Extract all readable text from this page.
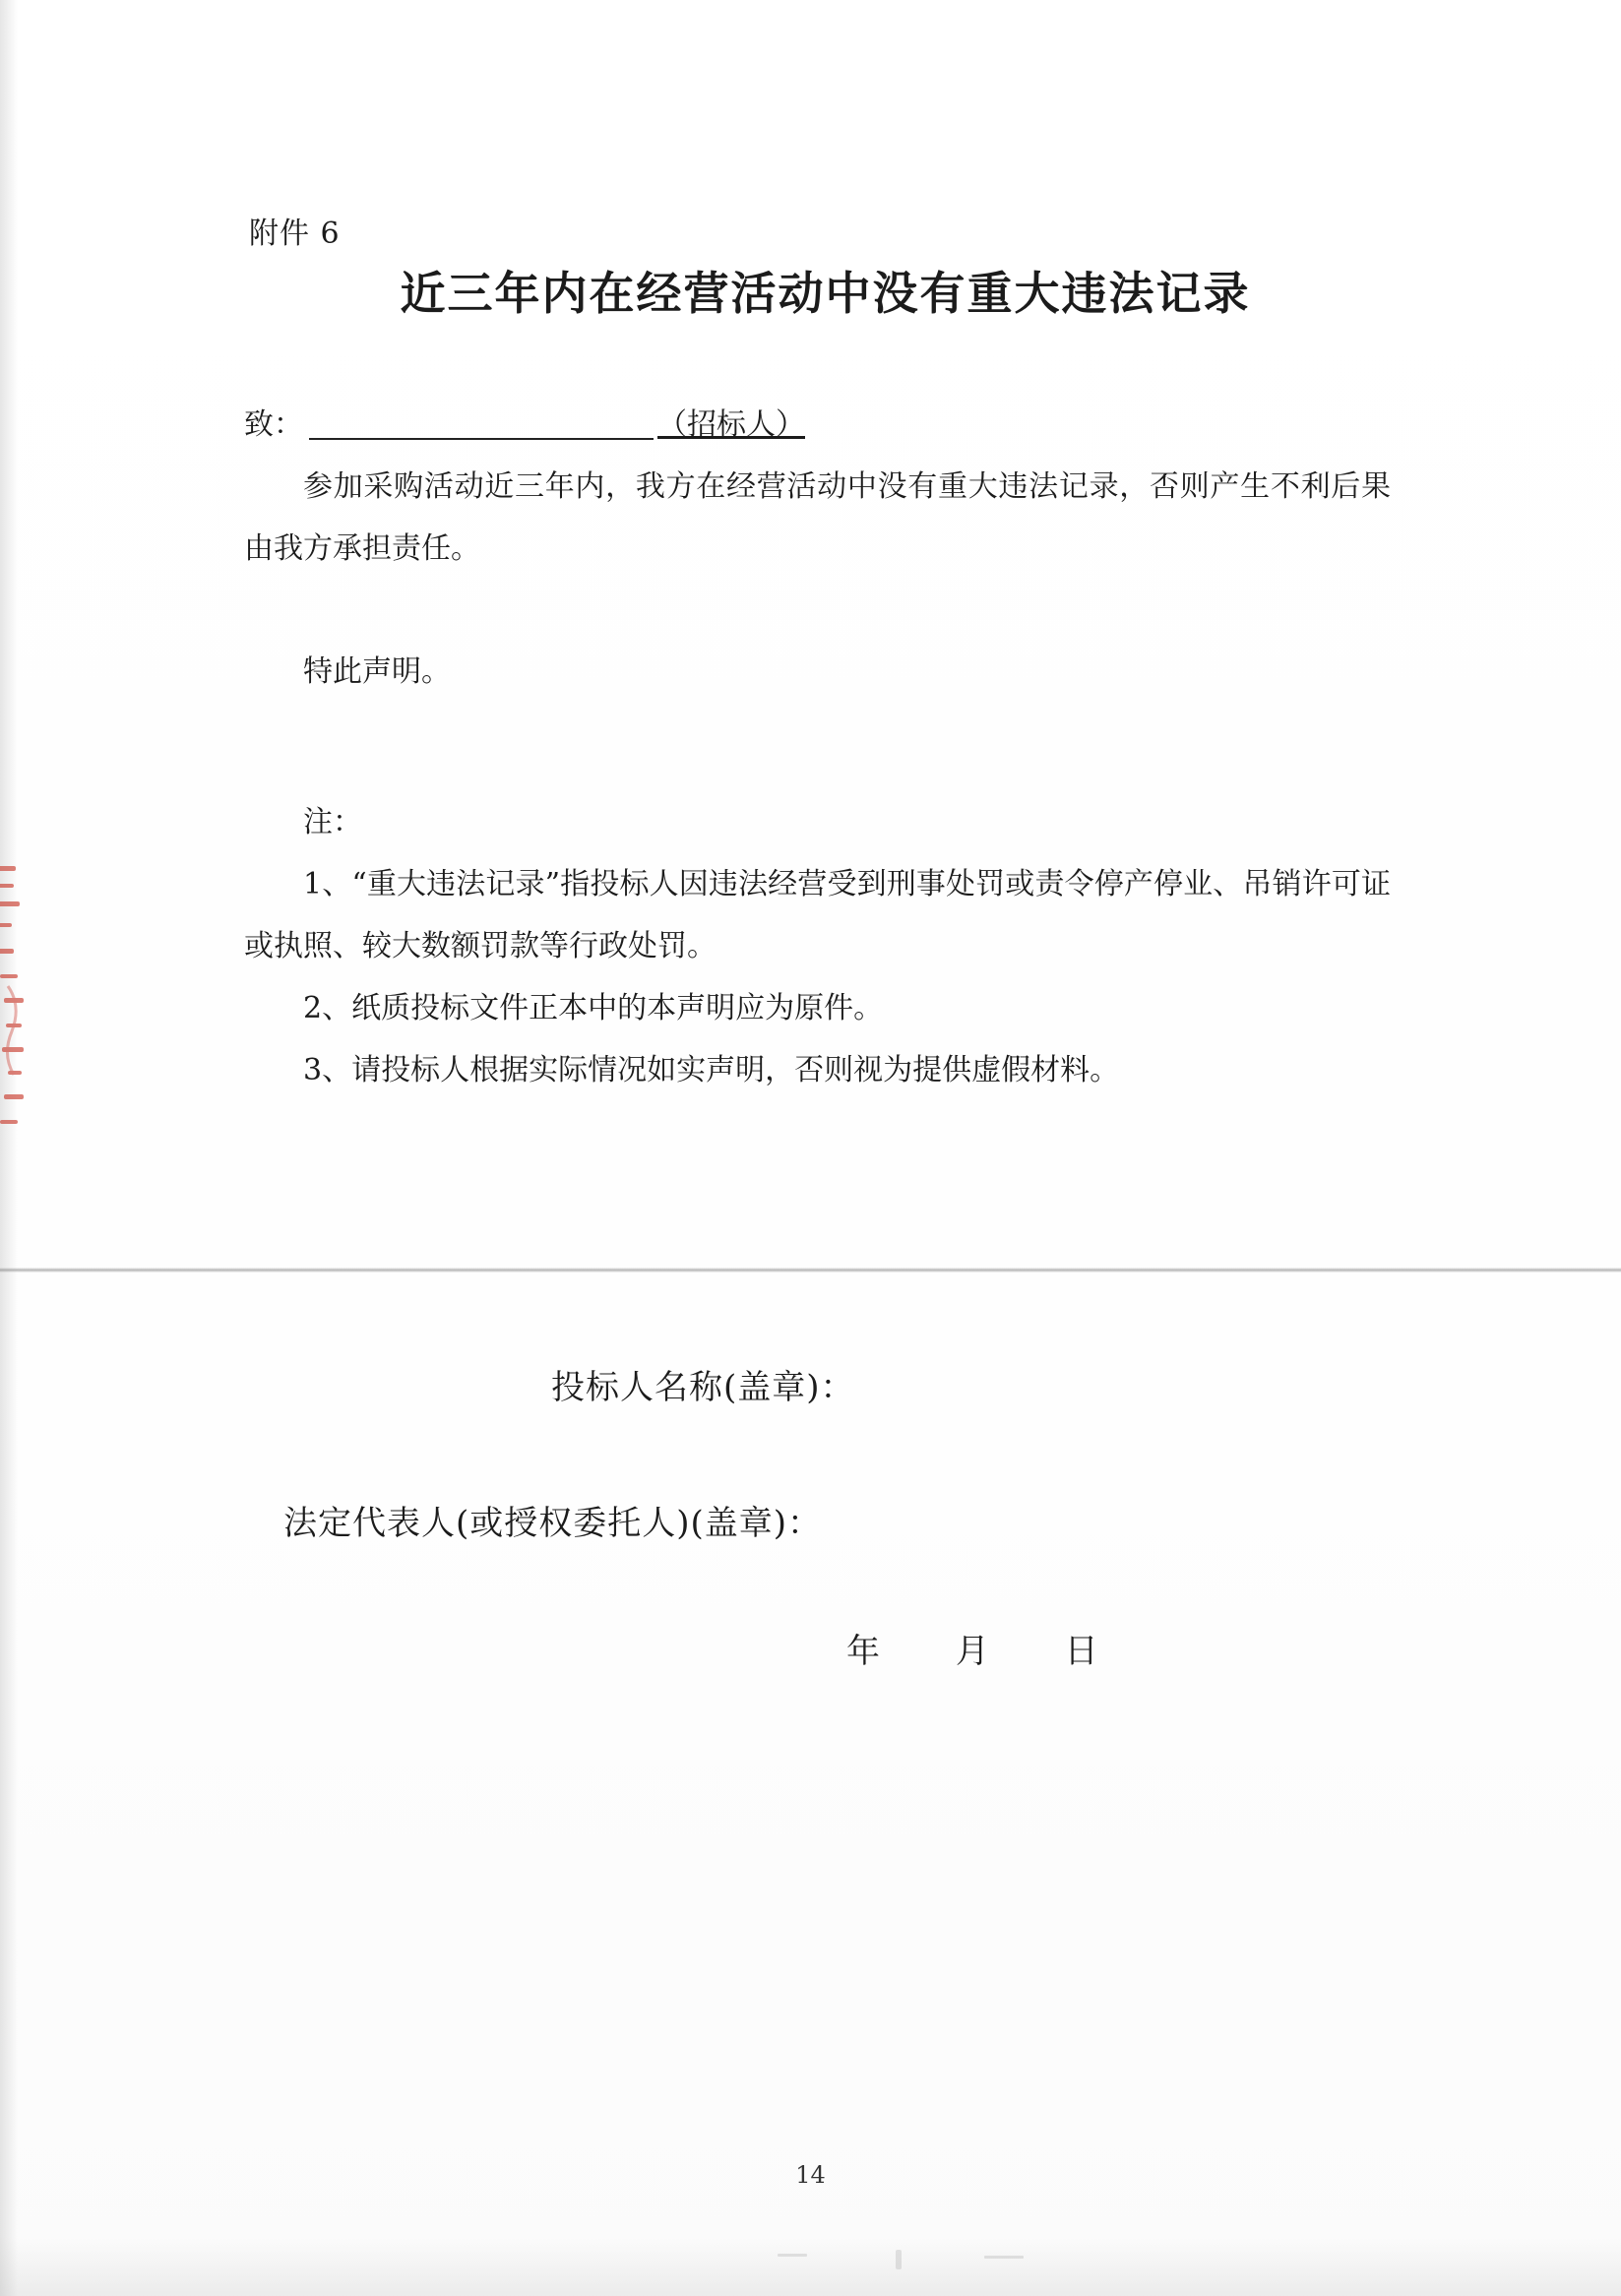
附件 6
近三年内在经营活动中没有重大违法记录
致：	（招标人）

参加采购活动近三年内，我方在经营活动中没有重大违法记录，否则产生不利后果由我方承担责任。

特此声明。

注：

1、“重大违法记录”指投标人因违法经营受到刑事处罚或责令停产停业、吊销许可证或执照、较大数额罚款等行政处罚。

2、纸质投标文件正本中的本声明应为原件。

3、请投标人根据实际情况如实声明，否则视为提供虚假材料。

投标人名称(盖章)：
法定代表人(或授权委托人)(盖章)：
年 月 日
14
